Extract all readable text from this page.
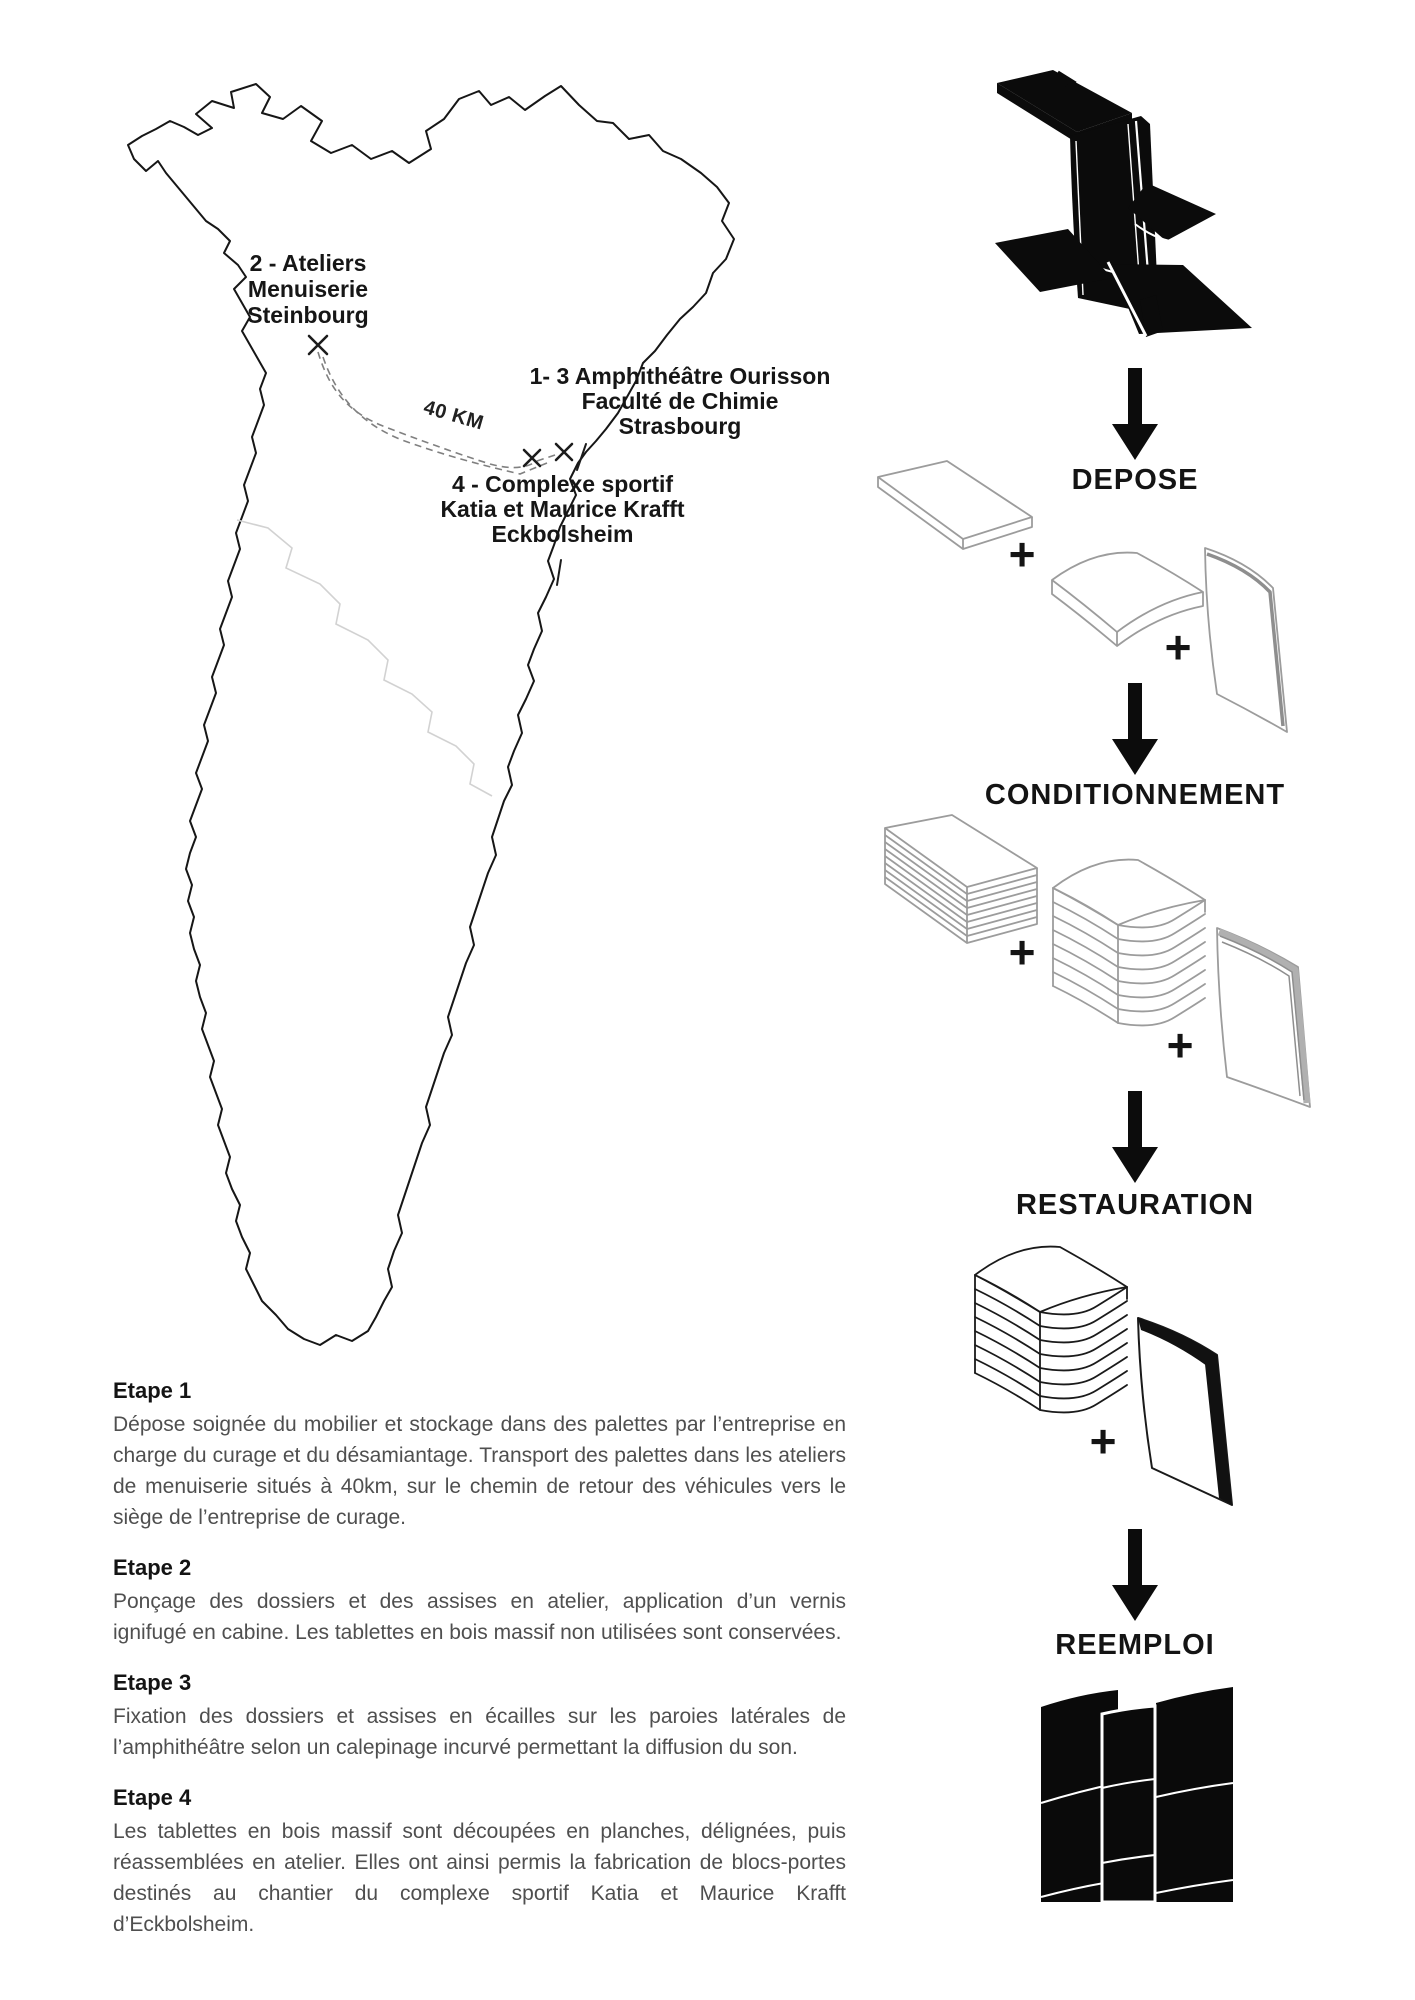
2 - Ateliers
Menuiserie
Steinbourg
1- 3 Amphithéâtre Ourisson
Faculté de Chimie
Strasbourg
4 - Complexe sportif
Katia et Maurice Krafft
Eckbolsheim
40 KM
DEPOSE
CONDITIONNEMENT
RESTAURATION
REEMPLOI
+
+
+
+
+
Etape 1

Dépose soignée du mobilier et stockage dans des palettes par l’entreprise en charge du curage et du désamiantage. Transport des palettes dans les ateliers de menuiserie situés à 40km, sur le chemin de retour des véhicules vers le siège de l’entreprise de curage.

Etape 2

Ponçage des dossiers et des assises en atelier, application d’un vernis ignifugé en cabine. Les tablettes en bois massif non utilisées sont conservées.

Etape 3

Fixation des dossiers et assises en écailles sur les paroies latérales de l’amphithéâtre selon un calepinage incurvé permettant la diffusion du son.

Etape 4

Les tablettes en bois massif sont découpées en planches, délignées, puis réassemblées en atelier. Elles ont ainsi permis la fabrication de blocs-portes destinés au chantier du complexe sportif Katia et Maurice Krafft d’Eckbolsheim.
